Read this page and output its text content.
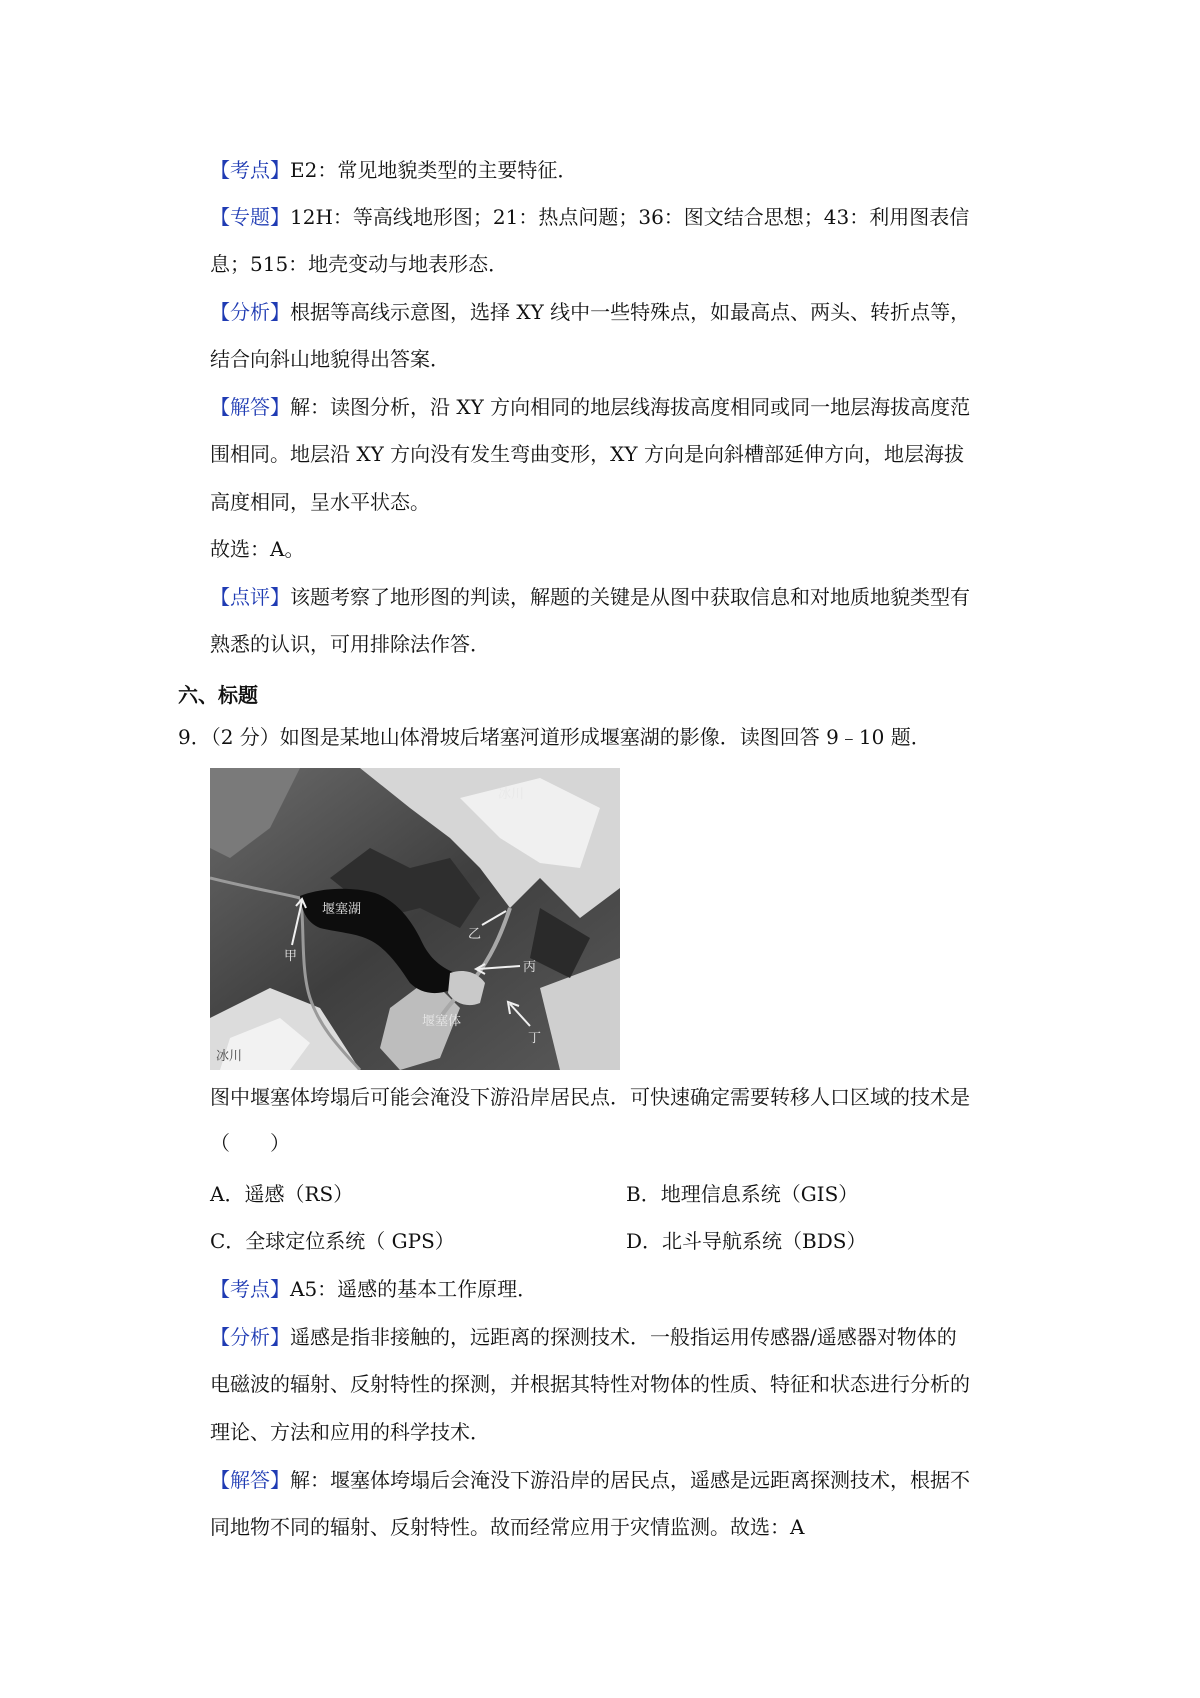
【考点】E2：常见地貌类型的主要特征．
【专题】12H：等高线地形图；21：热点问题；36：图文结合思想；43：利用图表信
息；515：地壳变动与地表形态．
【分析】根据等高线示意图，选择 XY 线中一些特殊点，如最高点、两头、转折点等，
结合向斜山地貌得出答案．
【解答】解：读图分析，沿 XY 方向相同的地层线海拔高度相同或同一地层海拔高度范
围相同。地层沿 XY 方向没有发生弯曲变形，XY 方向是向斜槽部延伸方向，地层海拔
高度相同，呈水平状态。
故选：A。
【点评】该题考察了地形图的判读，解题的关键是从图中获取信息和对地质地貌类型有
熟悉的认识，可用排除法作答．
六、标题
9．（2 分）如图是某地山体滑坡后堵塞河道形成堰塞湖的影像．读图回答 9﹣10 题．
冰川
堰塞湖
甲
乙
丙
堰塞体
丁
冰川
图中堰塞体垮塌后可能会淹没下游沿岸居民点．可快速确定需要转移人口区域的技术是
（　　）
A．遥感（RS）	B．地理信息系统（GIS）
C．全球定位系统（ GPS）	D．北斗导航系统（BDS）
【考点】A5：遥感的基本工作原理．
【分析】遥感是指非接触的，远距离的探测技术．一般指运用传感器/遥感器对物体的
电磁波的辐射、反射特性的探测，并根据其特性对物体的性质、特征和状态进行分析的
理论、方法和应用的科学技术．
【解答】解：堰塞体垮塌后会淹没下游沿岸的居民点，遥感是远距离探测技术，根据不
同地物不同的辐射、反射特性。故而经常应用于灾情监测。故选：A
